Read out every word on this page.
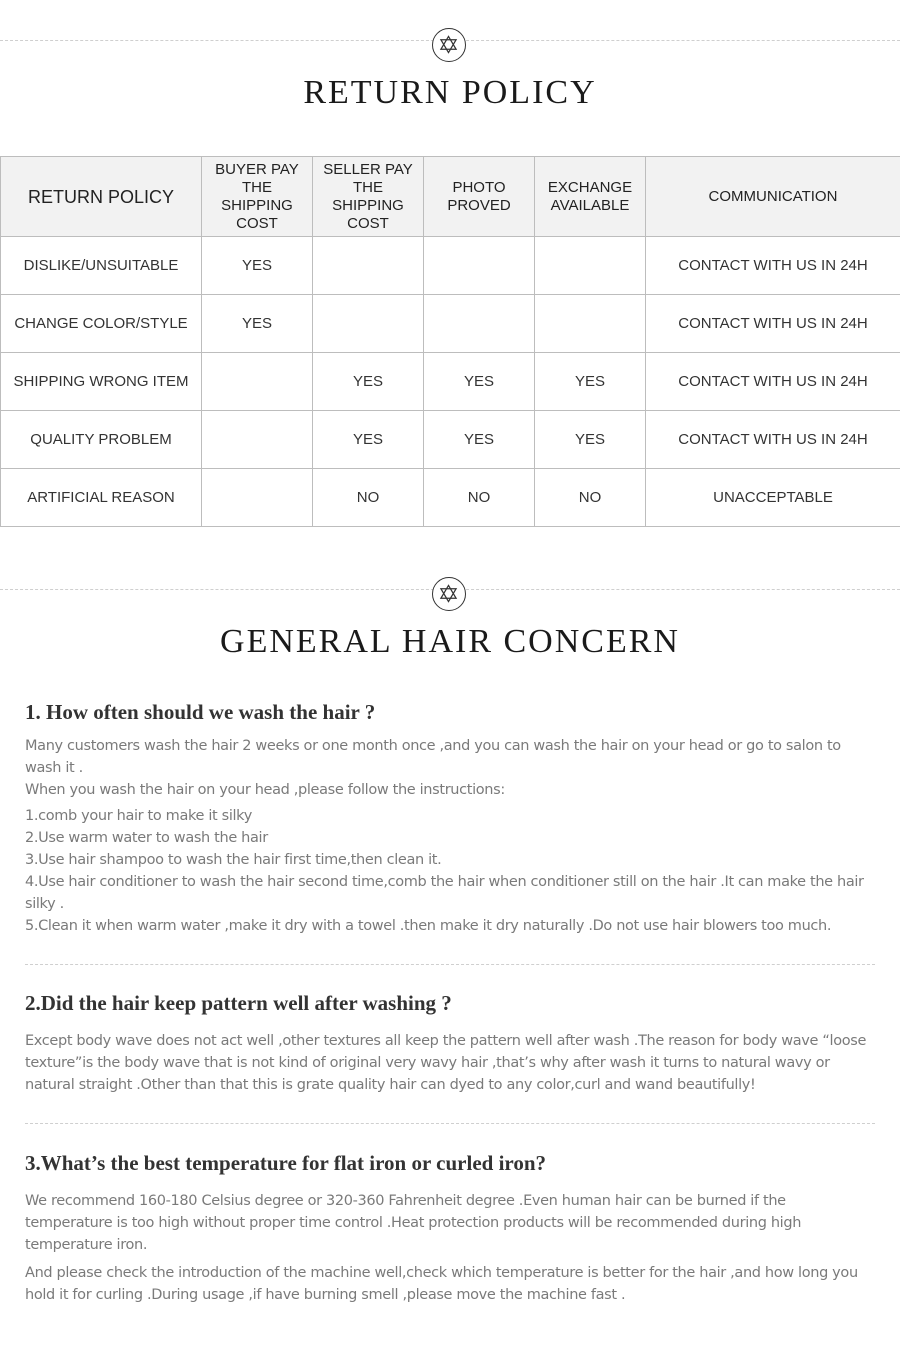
RETURN POLICY
RETURN POLICY	BUYER PAY THE SHIPPING COST	SELLER PAY THE SHIPPING COST	PHOTO PROVED	EXCHANGE AVAILABLE	COMMUNICATION
DISLIKE/UNSUITABLE	YES				CONTACT WITH US IN 24H
CHANGE COLOR/STYLE	YES				CONTACT WITH US IN 24H
SHIPPING WRONG ITEM		YES	YES	YES	CONTACT WITH US IN 24H
QUALITY PROBLEM		YES	YES	YES	CONTACT WITH US IN 24H
ARTIFICIAL REASON		NO	NO	NO	UNACCEPTABLE
GENERAL HAIR CONCERN
1. How often should we wash the hair ?

Many customers wash the hair 2 weeks or one month once ,and you can wash the hair on your head or go to salon to wash it .

When you wash the hair on your head ,please follow the instructions:

1.comb your hair to make it silky

2.Use warm water to wash the hair

3.Use hair shampoo to wash the hair first time,then clean it.

4.Use hair conditioner to wash the hair second time,comb the hair when conditioner still on the hair .It can make the hair silky .

5.Clean it when warm water ,make it dry with a towel .then make it dry naturally .Do not use hair blowers too much.

2.Did the hair keep pattern well after washing ?

Except body wave does not act well ,other textures all keep the pattern well after wash .The reason for body wave “loose texture”is the body wave that is not kind of original very wavy hair ,that’s why after wash it turns to natural wavy or natural straight .Other than that this is grate quality hair can dyed to any color,curl and wand beautifully!

3.What’s the best temperature for flat iron or curled iron?

We recommend 160-180 Celsius degree or 320-360 Fahrenheit degree .Even human hair can be burned if the temperature is too high without proper time control .Heat protection products will be recommended during high temperature iron.

And please check the introduction of the machine well,check which temperature is better for the hair ,and how long you hold it for curling .During usage ,if have burning smell ,please move the machine fast .
